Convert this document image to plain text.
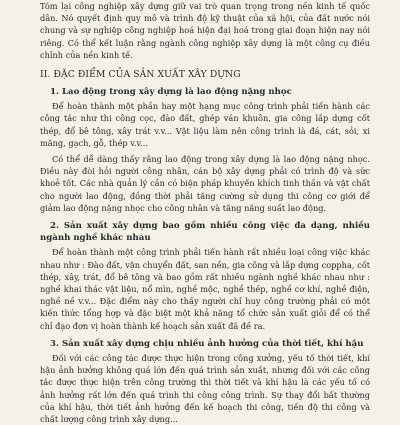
Tóm lại công nghiệp xây dựng giữ vai trò quan trọng trong nền kinh tế quốc dân. Nó quyết định quy mô và trình độ kỹ thuật của xã hội, của đất nước nói chung và sự nghiệp công nghiệp hoá hiện đại hoá trong giai đoạn hiện nay nói riêng. Có thể kết luận rằng ngành công nghiệp xây dựng là một công cụ điều chỉnh của nền kinh tế.

II. ĐẶC ĐIỂM CỦA SẢN XUẤT XÂY DỰNG
1. Lao động trong xây dựng là lao động nặng nhọc

Để hoàn thành một phần hay một hạng mục công trình phải tiến hành các công tác như thi công cọc, đào đất, ghép ván khuôn, gia công lắp dựng cốt thép, đổ bê tông, xây trát v.v... Vật liệu làm nên công trình là đá, cát, sỏi, xi măng, gạch, gỗ, thép v.v...

Có thể dễ dàng thấy rằng lao động trong xây dựng là lao động nặng nhọc. Điều này đòi hỏi người công nhân, cán bộ xây dựng phải có trình độ và sức khoẻ tốt. Các nhà quản lý cần có biện pháp khuyến khích tinh thần và vật chất cho người lao động, đồng thời phải tăng cường sử dụng thi công cơ giới để giảm lao động nặng nhọc cho công nhân và tăng năng suất lao động.

2. Sản xuất xây dựng bao gồm nhiều công việc đa dạng, nhiều ngành nghề khác nhau

Để hoàn thành một công trình phải tiến hành rất nhiều loại công việc khác nhau như : Đào đất, vận chuyển đất, san nền, gia công và lắp dựng coppha, cốt thép, xây, trát, đổ bê tông và bao gồm rất nhiều ngành nghề khác nhau như : nghề khai thác vật liệu, nổ mìn, nghề mộc, nghề thép, nghề cơ khí, nghề điện, nghề nề v.v... Đặc điểm này cho thấy người chỉ huy công trường phải có một kiến thức tổng hợp và đặc biệt một khả năng tổ chức sản xuất giỏi để có thể chỉ đạo đơn vị hoàn thành kế hoạch sản xuất đã đề ra.

3. Sản xuất xây dựng chịu nhiều ảnh hưởng của thời tiết, khí hậu

Đối với các công tác được thực hiện trong công xưởng, yếu tố thời tiết, khí hậu ảnh hưởng không quá lớn đến quá trình sản xuất, nhưng đối với các công tác được thực hiện trên công trường thì thời tiết và khí hậu là các yếu tố có ảnh hưởng rất lớn đến quá trình thi công công trình. Sự thay đổi bất thường của khí hậu, thời tiết ảnh hưởng đến kế hoạch thi công, tiến độ thi công và chất lượng công trình xây dựng...
